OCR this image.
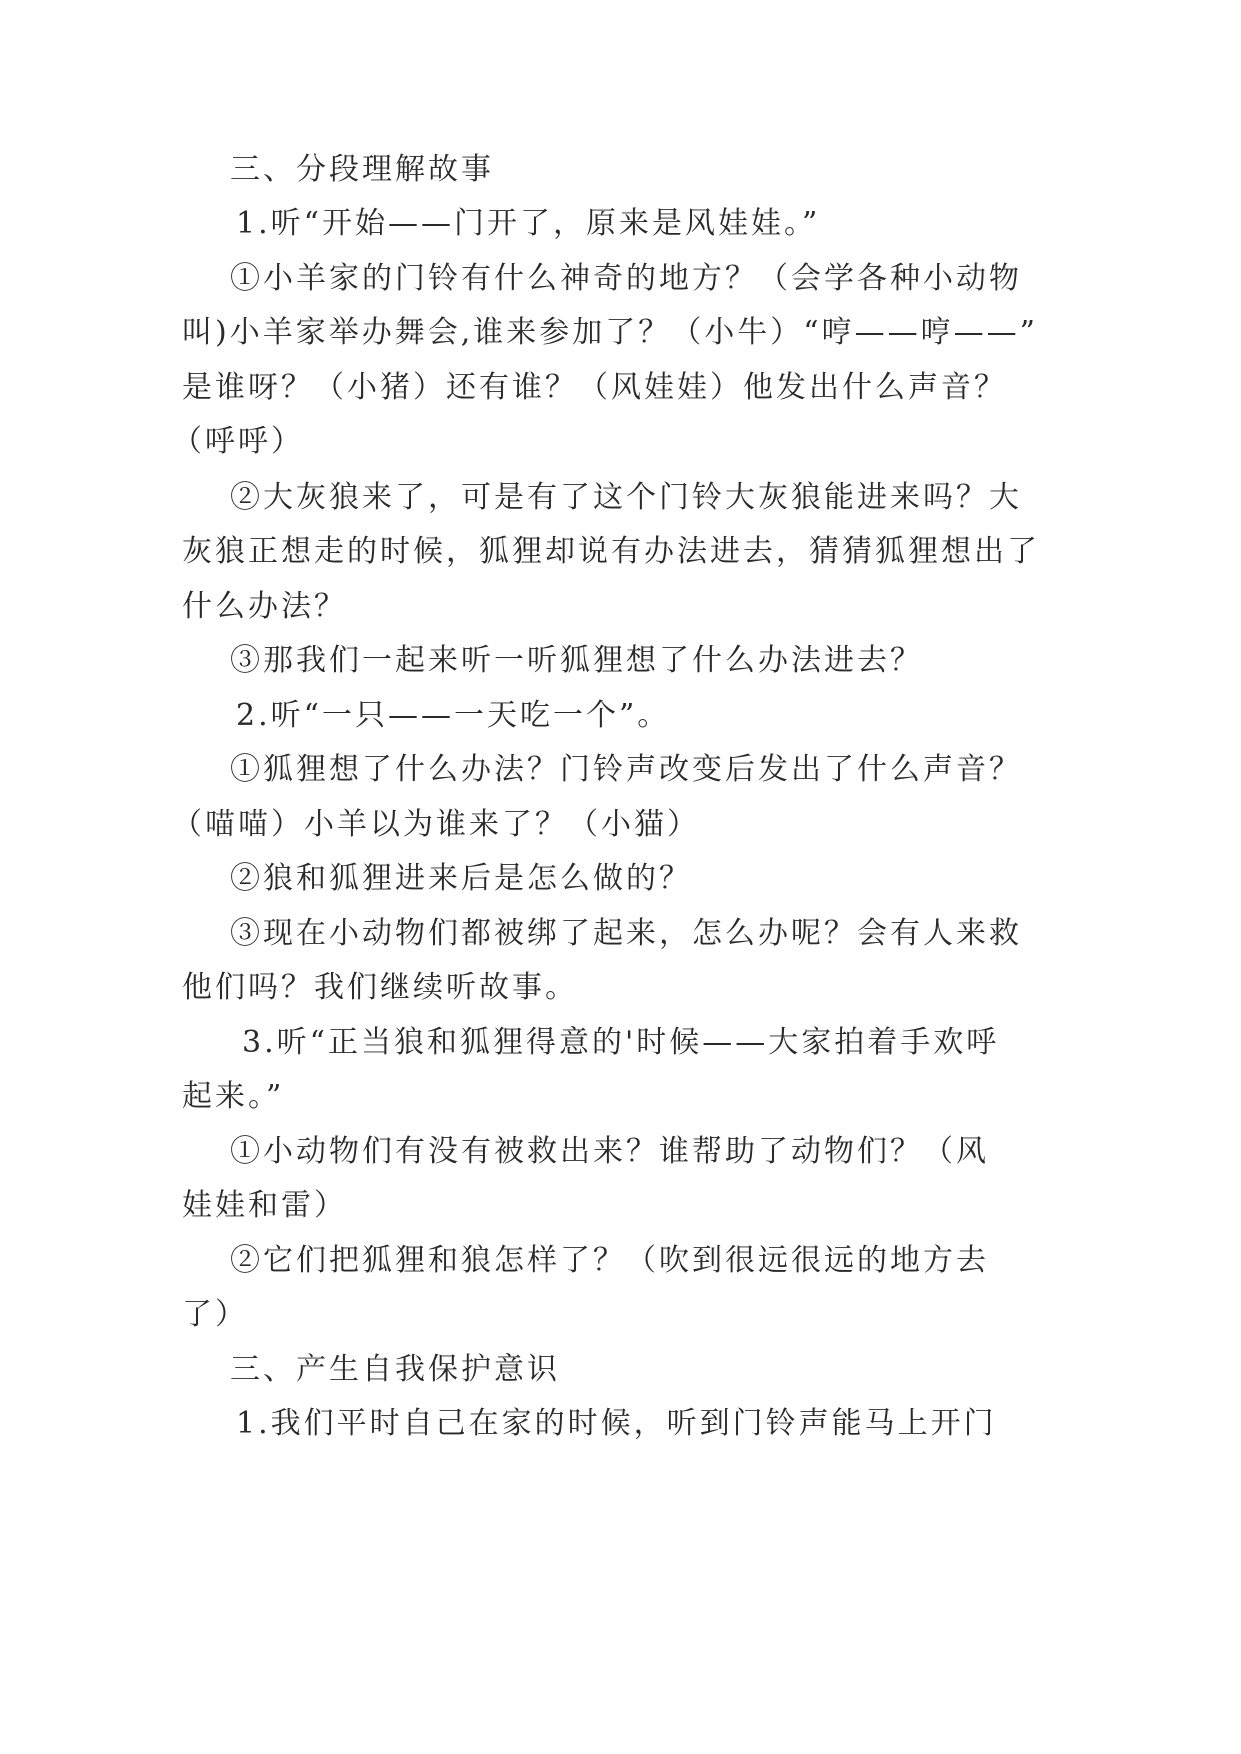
三、分段理解故事
1.听“开始——门开了，原来是风娃娃。”
①小羊家的门铃有什么神奇的地方？（会学各种小动物
叫)小羊家举办舞会,谁来参加了？（小牛）“哼——哼——”
是谁呀？（小猪）还有谁？（风娃娃）他发出什么声音？
（呼呼）
②大灰狼来了，可是有了这个门铃大灰狼能进来吗？大
灰狼正想走的时候，狐狸却说有办法进去，猜猜狐狸想出了
什么办法？
③那我们一起来听一听狐狸想了什么办法进去？
2.听“一只——一天吃一个”。
①狐狸想了什么办法？门铃声改变后发出了什么声音？
（喵喵）小羊以为谁来了？（小猫）
②狼和狐狸进来后是怎么做的？
③现在小动物们都被绑了起来，怎么办呢？会有人来救
他们吗？我们继续听故事。
3.听“正当狼和狐狸得意的'时候——大家拍着手欢呼
起来。”
①小动物们有没有被救出来？谁帮助了动物们？（风
娃娃和雷）
②它们把狐狸和狼怎样了？（吹到很远很远的地方去
了）
三、产生自我保护意识
1.我们平时自己在家的时候，听到门铃声能马上开门
